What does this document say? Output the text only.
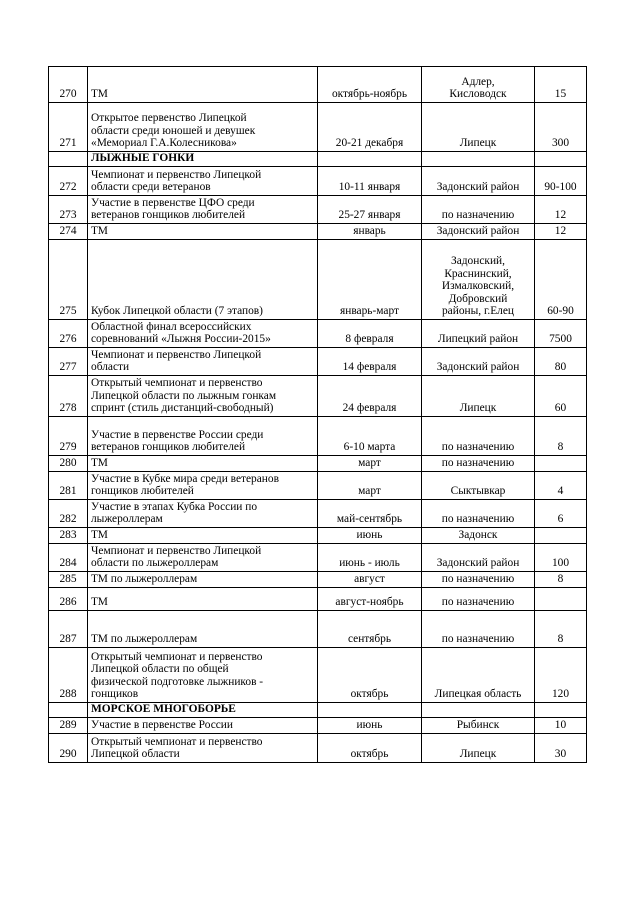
270	ТМ	октябрь-ноябрь	Адлер,
Кисловодск	15
271	Открытое первенство Липецкой
области среди юношей и девушек
«Мемориал Г.А.Колесникова»	20-21 декабря	Липецк	300
	ЛЫЖНЫЕ ГОНКИ			
272	Чемпионат и первенство Липецкой
области среди ветеранов	10-11 января	Задонский район	90-100
273	Участие в первенстве ЦФО среди
ветеранов гонщиков любителей	25-27 января	по назначению	12
274	ТМ	январь	Задонский район	12
275	Кубок Липецкой области (7 этапов)	январь-март	Задонский,
Краснинский,
Измалковский,
Добровский
районы, г.Елец	60-90
276	Областной финал всероссийских
соревнований «Лыжня России-2015»	8 февраля	Липецкий район	7500
277	Чемпионат и первенство Липецкой
области	14 февраля	Задонский район	80
278	Открытый чемпионат и первенство
Липецкой области по лыжным гонкам
спринт (стиль дистанций-свободный)	24 февраля	Липецк	60
279	Участие в первенстве России среди
ветеранов гонщиков любителей	6-10 марта	по назначению	8
280	ТМ	март	по назначению	
281	Участие в Кубке мира среди ветеранов
гонщиков любителей	март	Сыктывкар	4
282	Участие в этапах Кубка России по
лыжероллерам	май-сентябрь	по назначению	6
283	ТМ	июнь	Задонск	
284	Чемпионат и первенство Липецкой
области по лыжероллерам	июнь - июль	Задонский район	100
285	ТМ по лыжероллерам	август	по назначению	8
286	ТМ	август-ноябрь	по назначению	
287	ТМ по лыжероллерам	сентябрь	по назначению	8
288	Открытый чемпионат и первенство
Липецкой области по общей
физической подготовке лыжников -
гонщиков	октябрь	Липецкая область	120
	МОРСКОЕ МНОГОБОРЬЕ			
289	Участие в первенстве России	июнь	Рыбинск	10
290	Открытый чемпионат и первенство
Липецкой области	октябрь	Липецк	30
